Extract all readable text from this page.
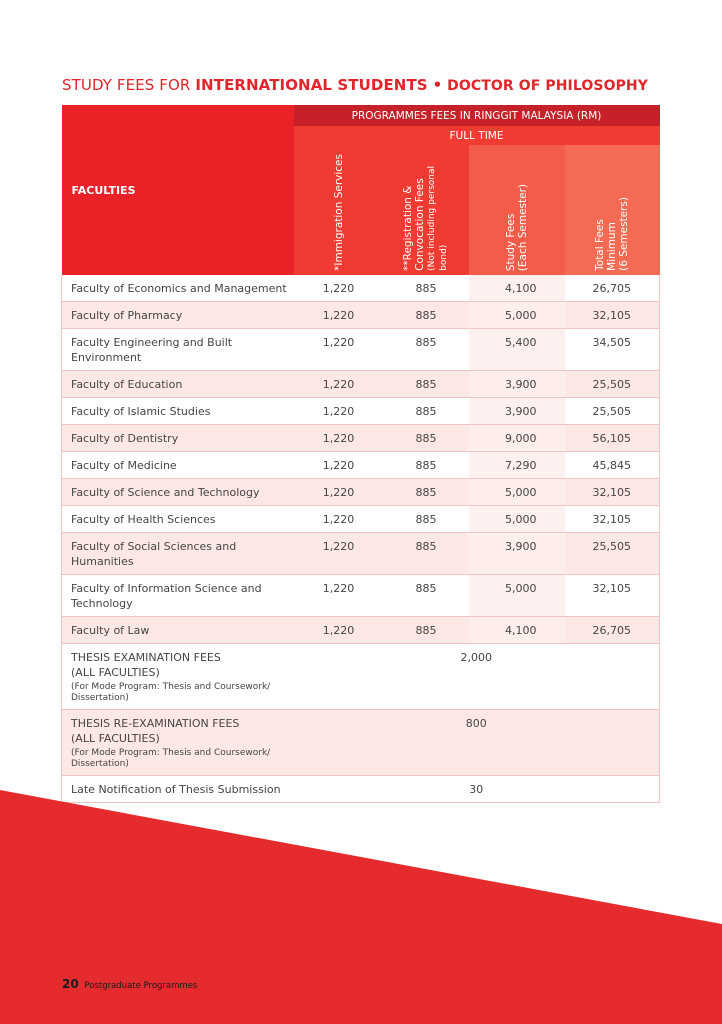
STUDY FEES FOR INTERNATIONAL STUDENTS • DOCTOR OF PHILOSOPHY
FACULTIES	PROGRAMMES FEES IN RINGGIT MALAYSIA (RM)			
	FULL TIME			

	*Immigration Services	**Registration &
Convocation Fees
(Not including personal bond)	Study Fees
(Each Semester)	Total Fees
Minimum
(6 Semesters)

Faculty of Economics and Management	1,220	885	4,100	26,705
Faculty of Pharmacy	1,220	885	5,000	32,105
Faculty Engineering and Built Environment	1,220	885	5,400	34,505
Faculty of Education	1,220	885	3,900	25,505
Faculty of Islamic Studies	1,220	885	3,900	25,505
Faculty of Dentistry	1,220	885	9,000	56,105
Faculty of Medicine	1,220	885	7,290	45,845
Faculty of Science and Technology	1,220	885	5,000	32,105
Faculty of Health Sciences	1,220	885	5,000	32,105
Faculty of Social Sciences and Humanities	1,220	885	3,900	25,505
Faculty of Information Science and Technology	1,220	885	5,000	32,105
Faculty of Law	1,220	885	4,100	26,705
THESIS EXAMINATION FEES
(ALL FACULTIES)
(For Mode Program: Thesis and Coursework/ Dissertation)	2,000			
THESIS RE-EXAMINATION FEES
(ALL FACULTIES)
(For Mode Program: Thesis and Coursework/ Dissertation)	800			
Late Notification of Thesis Submission	30			
20 Postgraduate Programmes
